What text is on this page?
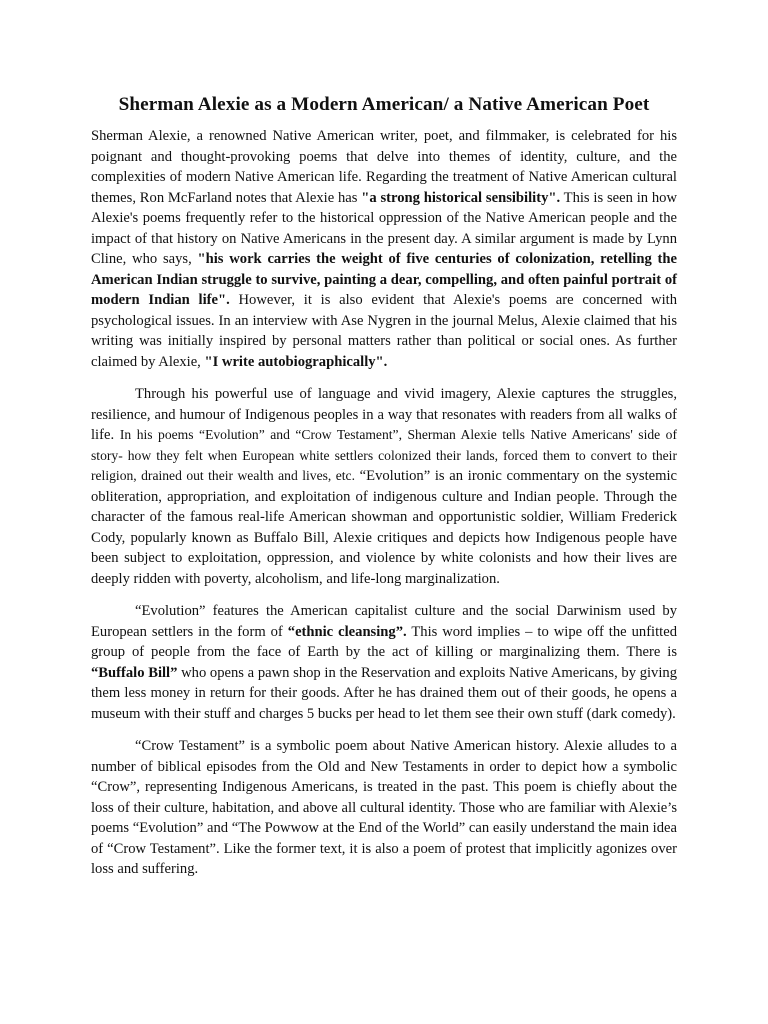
Sherman Alexie as a Modern American/ a Native American Poet

Sherman Alexie, a renowned Native American writer, poet, and filmmaker, is celebrated for his poignant and thought-provoking poems that delve into themes of identity, culture, and the complexities of modern Native American life. Regarding the treatment of Native American cultural themes, Ron McFarland notes that Alexie has "a strong historical sensibility". This is seen in how Alexie's poems frequently refer to the historical oppression of the Native American people and the impact of that history on Native Americans in the present day. A similar argument is made by Lynn Cline, who says, "his work carries the weight of five centuries of colonization, retelling the American Indian struggle to survive, painting a dear, compelling, and often painful portrait of modern Indian life". However, it is also evident that Alexie's poems are concerned with psychological issues. In an interview with Ase Nygren in the journal Melus, Alexie claimed that his writing was initially inspired by personal matters rather than political or social ones. As further claimed by Alexie, "I write autobiographically".

Through his powerful use of language and vivid imagery, Alexie captures the struggles, resilience, and humour of Indigenous peoples in a way that resonates with readers from all walks of life. In his poems “Evolution” and “Crow Testament”, Sherman Alexie tells Native Americans' side of story- how they felt when European white settlers colonized their lands, forced them to convert to their religion, drained out their wealth and lives, etc. “Evolution” is an ironic commentary on the systemic obliteration, appropriation, and exploitation of indigenous culture and Indian people. Through the character of the famous real-life American showman and opportunistic soldier, William Frederick Cody, popularly known as Buffalo Bill, Alexie critiques and depicts how Indigenous people have been subject to exploitation, oppression, and violence by white colonists and how their lives are deeply ridden with poverty, alcoholism, and life-long marginalization.

“Evolution” features the American capitalist culture and the social Darwinism used by European settlers in the form of “ethnic cleansing”. This word implies – to wipe off the unfitted group of people from the face of Earth by the act of killing or marginalizing them. There is “Buffalo Bill” who opens a pawn shop in the Reservation and exploits Native Americans, by giving them less money in return for their goods. After he has drained them out of their goods, he opens a museum with their stuff and charges 5 bucks per head to let them see their own stuff (dark comedy).

“Crow Testament” is a symbolic poem about Native American history. Alexie alludes to a number of biblical episodes from the Old and New Testaments in order to depict how a symbolic “Crow”, representing Indigenous Americans, is treated in the past. This poem is chiefly about the loss of their culture, habitation, and above all cultural identity. Those who are familiar with Alexie’s poems “Evolution” and “The Powwow at the End of the World” can easily understand the main idea of “Crow Testament”. Like the former text, it is also a poem of protest that implicitly agonizes over loss and suffering.
